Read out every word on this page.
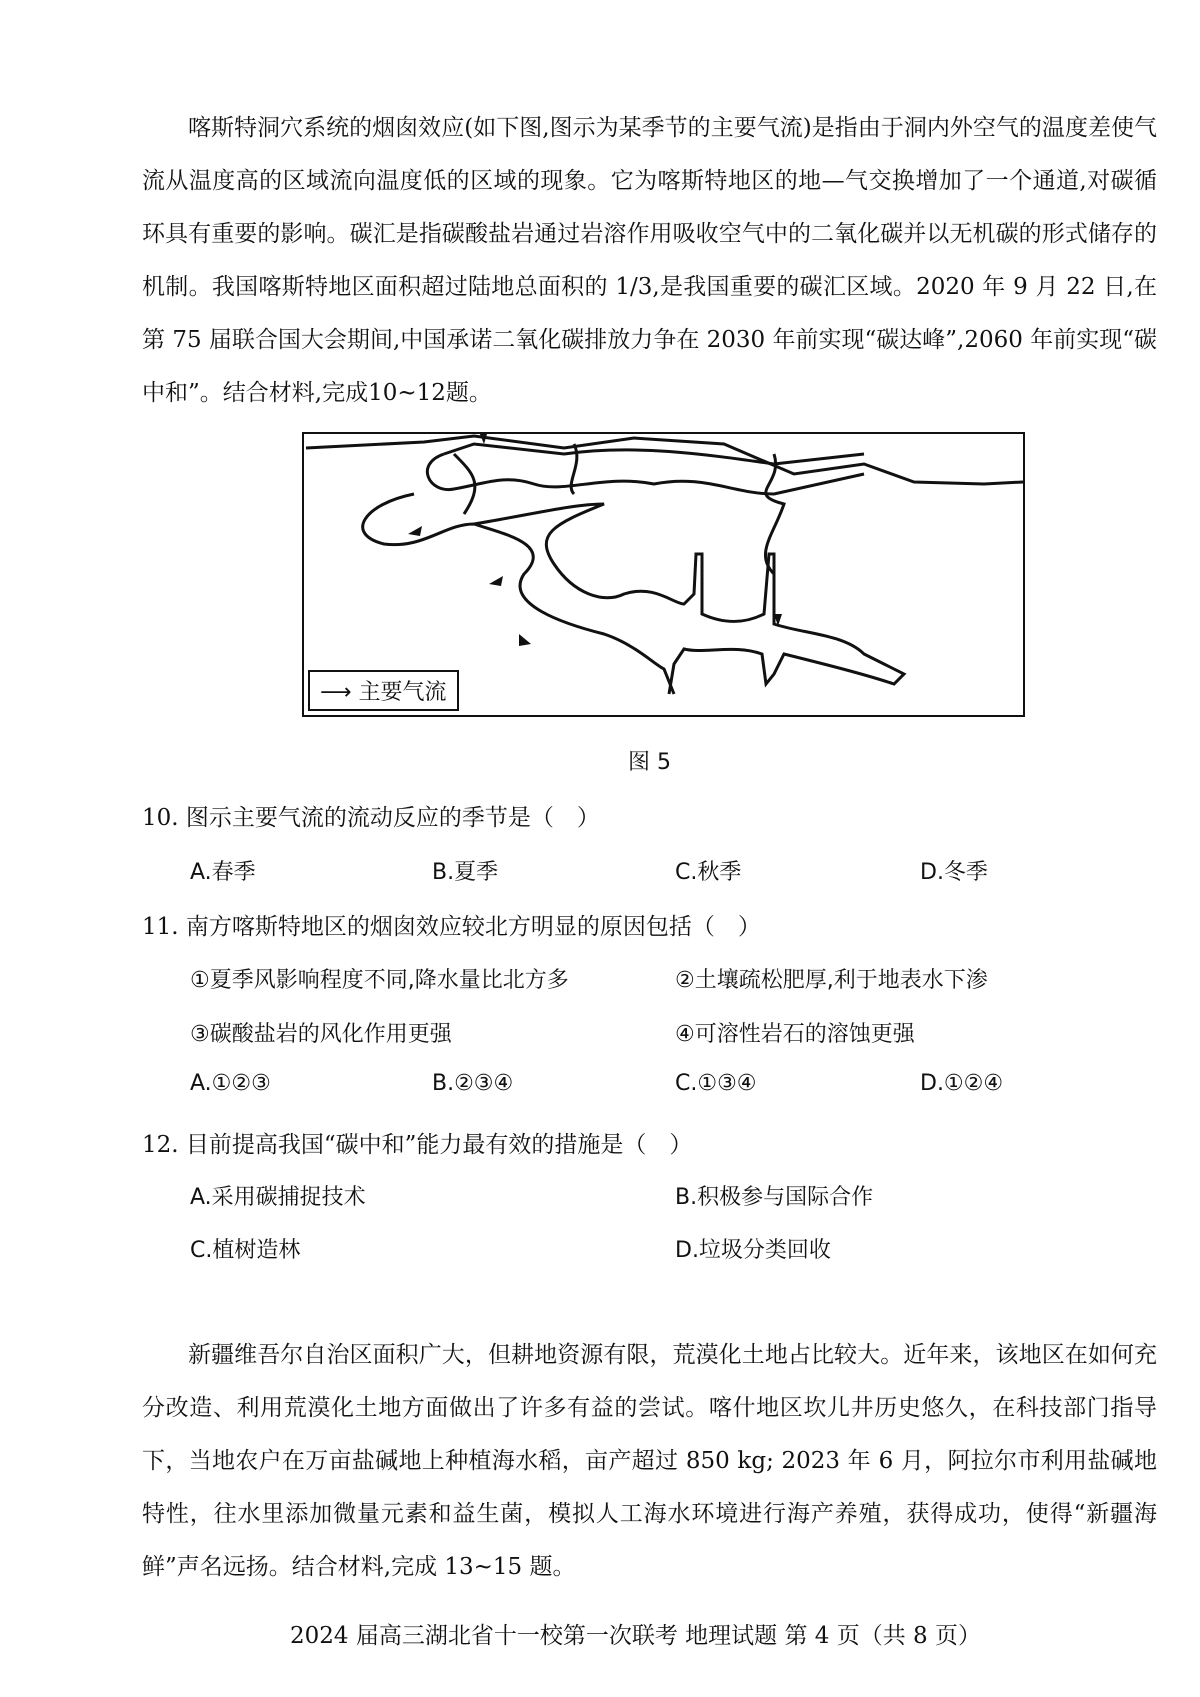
喀斯特洞穴系统的烟囱效应(如下图,图示为某季节的主要气流)是指由于洞内外空气的温度差使气流从温度高的区域流向温度低的区域的现象。它为喀斯特地区的地—气交换增加了一个通道,对碳循环具有重要的影响。碳汇是指碳酸盐岩通过岩溶作用吸收空气中的二氧化碳并以无机碳的形式储存的机制。我国喀斯特地区面积超过陆地总面积的 1/3,是我国重要的碳汇区域。2020 年 9 月 22 日,在第 75 届联合国大会期间,中国承诺二氧化碳排放力争在 2030 年前实现“碳达峰”,2060 年前实现“碳中和”。结合材料,完成10~12题。

⟶ 主要气流
图 5
10. 图示主要气流的流动反应的季节是（　）
A.春季	B.夏季	C.秋季	D.冬季
11. 南方喀斯特地区的烟囱效应较北方明显的原因包括（　）
①夏季风影响程度不同,降水量比北方多	②土壤疏松肥厚,利于地表水下渗
③碳酸盐岩的风化作用更强	④可溶性岩石的溶蚀更强
A.①②③	B.②③④	C.①③④	D.①②④
12. 目前提高我国“碳中和”能力最有效的措施是（　）
A.采用碳捕捉技术	B.积极参与国际合作
C.植树造林	D.垃圾分类回收

新疆维吾尔自治区面积广大，但耕地资源有限，荒漠化土地占比较大。近年来，该地区在如何充分改造、利用荒漠化土地方面做出了许多有益的尝试。喀什地区坎儿井历史悠久，在科技部门指导下，当地农户在万亩盐碱地上种植海水稻，亩产超过 850 kg; 2023 年 6 月，阿拉尔市利用盐碱地特性，往水里添加微量元素和益生菌，模拟人工海水环境进行海产养殖，获得成功，使得“新疆海鲜”声名远扬。结合材料,完成 13~15 题。

2024 届高三湖北省十一校第一次联考 地理试题 第 4 页（共 8 页）
